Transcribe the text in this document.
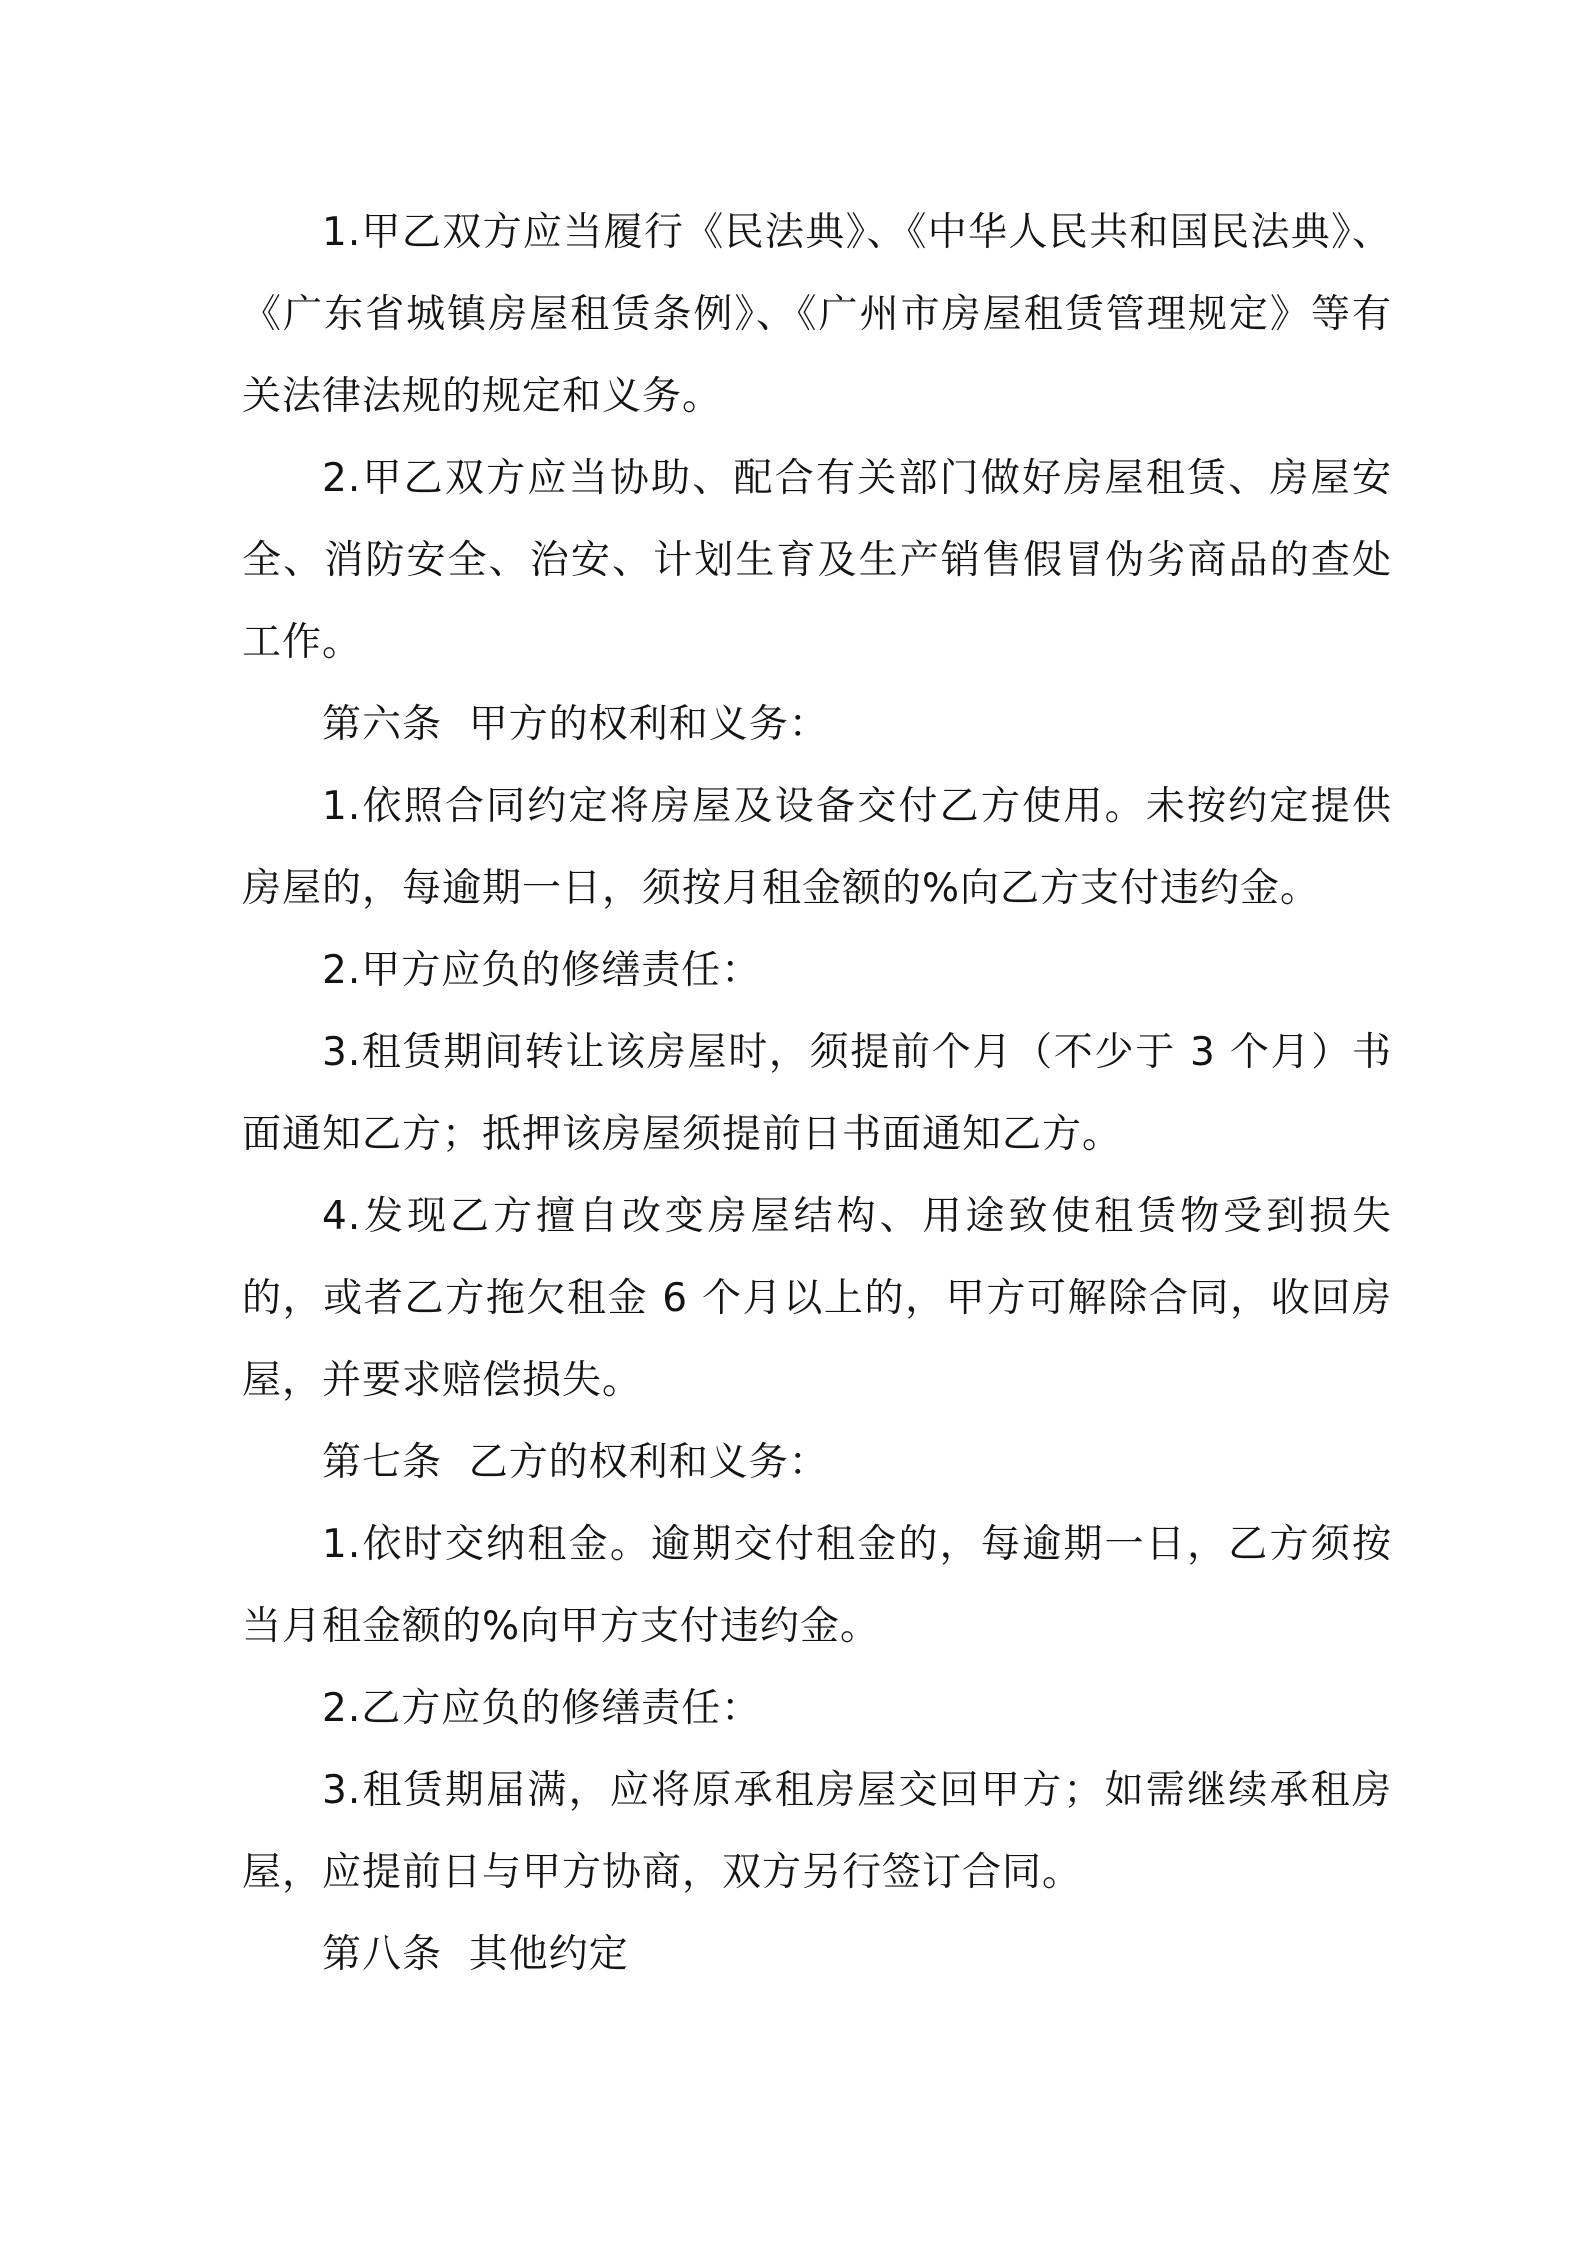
1.甲乙双方应当履行《民法典》、《中华人民共和国民法典》、《广东省城镇房屋租赁条例》、《广州市房屋租赁管理规定》等有关法律法规的规定和义务。

2.甲乙双方应当协助、配合有关部门做好房屋租赁、房屋安全、消防安全、治安、计划生育及生产销售假冒伪劣商品的查处工作。

第六条  甲方的权利和义务：

1.依照合同约定将房屋及设备交付乙方使用。未按约定提供房屋的，每逾期一日，须按月租金额的%向乙方支付违约金。

2.甲方应负的修缮责任：

3.租赁期间转让该房屋时，须提前个月（不少于 3 个月）书面通知乙方；抵押该房屋须提前日书面通知乙方。

4.发现乙方擅自改变房屋结构、用途致使租赁物受到损失的，或者乙方拖欠租金 6 个月以上的，甲方可解除合同，收回房屋，并要求赔偿损失。

第七条  乙方的权利和义务：

1.依时交纳租金。逾期交付租金的，每逾期一日，乙方须按当月租金额的%向甲方支付违约金。

2.乙方应负的修缮责任：

3.租赁期届满，应将原承租房屋交回甲方；如需继续承租房屋，应提前日与甲方协商，双方另行签订合同。

第八条  其他约定
